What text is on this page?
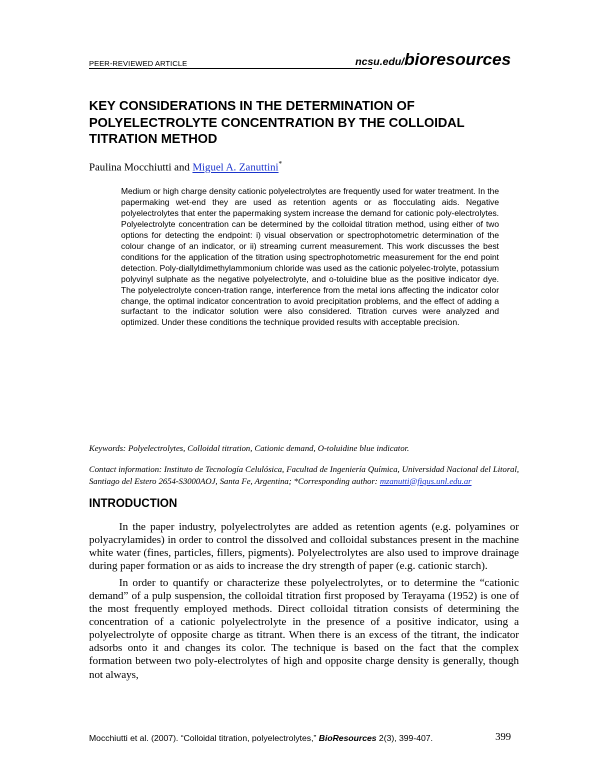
PEER-REVIEWED ARTICLE	ncsu.edu/bioresources
KEY CONSIDERATIONS IN THE DETERMINATION OF POLYELECTROLYTE CONCENTRATION BY THE COLLOIDAL TITRATION METHOD
Paulina Mocchiutti and Miguel A. Zanuttini*

Medium or high charge density cationic polyelectrolytes are frequently used for water treatment. In the papermaking wet-end they are used as retention agents or as flocculating aids. Negative polyelectrolytes that enter the papermaking system increase the demand for cationic poly-electrolytes. Polyelectrolyte concentration can be determined by the colloidal titration method, using either of two options for detecting the endpoint: i) visual observation or spectrophotometric determination of the colour change of an indicator, or ii) streaming current measurement. This work discusses the best conditions for the application of the titration using spectrophotometric measurement for the end point detection. Poly-diallyldimethylammonium chloride was used as the cationic polyelec-trolyte, potassium polyvinyl sulphate as the negative polyelectrolyte, and o-toluidine blue as the positive indicator dye. The polyelectrolyte concen-tration range, interference from the metal ions affecting the indicator color change, the optimal indicator concentration to avoid precipitation problems, and the effect of adding a surfactant to the indicator solution were also considered. Titration curves were analyzed and optimized. Under these conditions the technique provided results with acceptable precision.

Keywords: Polyelectrolytes, Colloidal titration, Cationic demand, O-toluidine blue indicator.
Contact information: Instituto de Tecnología Celulósica, Facultad de Ingeniería Química, Universidad Nacional del Litoral, Santiago del Estero 2654-S3000AOJ, Santa Fe, Argentina; *Corresponding author: mzanutti@fiqus.unl.edu.ar
INTRODUCTION

In the paper industry, polyelectrolytes are added as retention agents (e.g. polyamines or polyacrylamides) in order to control the dissolved and colloidal substances present in the machine white water (fines, particles, fillers, pigments). Polyelectrolytes are also used to improve drainage during paper formation or as aids to increase the dry strength of paper (e.g. cationic starch).

In order to quantify or characterize these polyelectrolytes, or to determine the “cationic demand” of a pulp suspension, the colloidal titration first proposed by Terayama (1952) is one of the most frequently employed methods. Direct colloidal titration consists of determining the concentration of a cationic polyelectrolyte in the presence of a positive indicator, using a polyelectrolyte of opposite charge as titrant. When there is an excess of the titrant, the indicator adsorbs onto it and changes its color. The technique is based on the fact that the complex formation between two poly-electrolytes of high and opposite charge density is generally, though not always,

Mocchiutti et al. (2007). “Colloidal titration, polyelectrolytes,” BioResources 2(3), 399-407.	399
